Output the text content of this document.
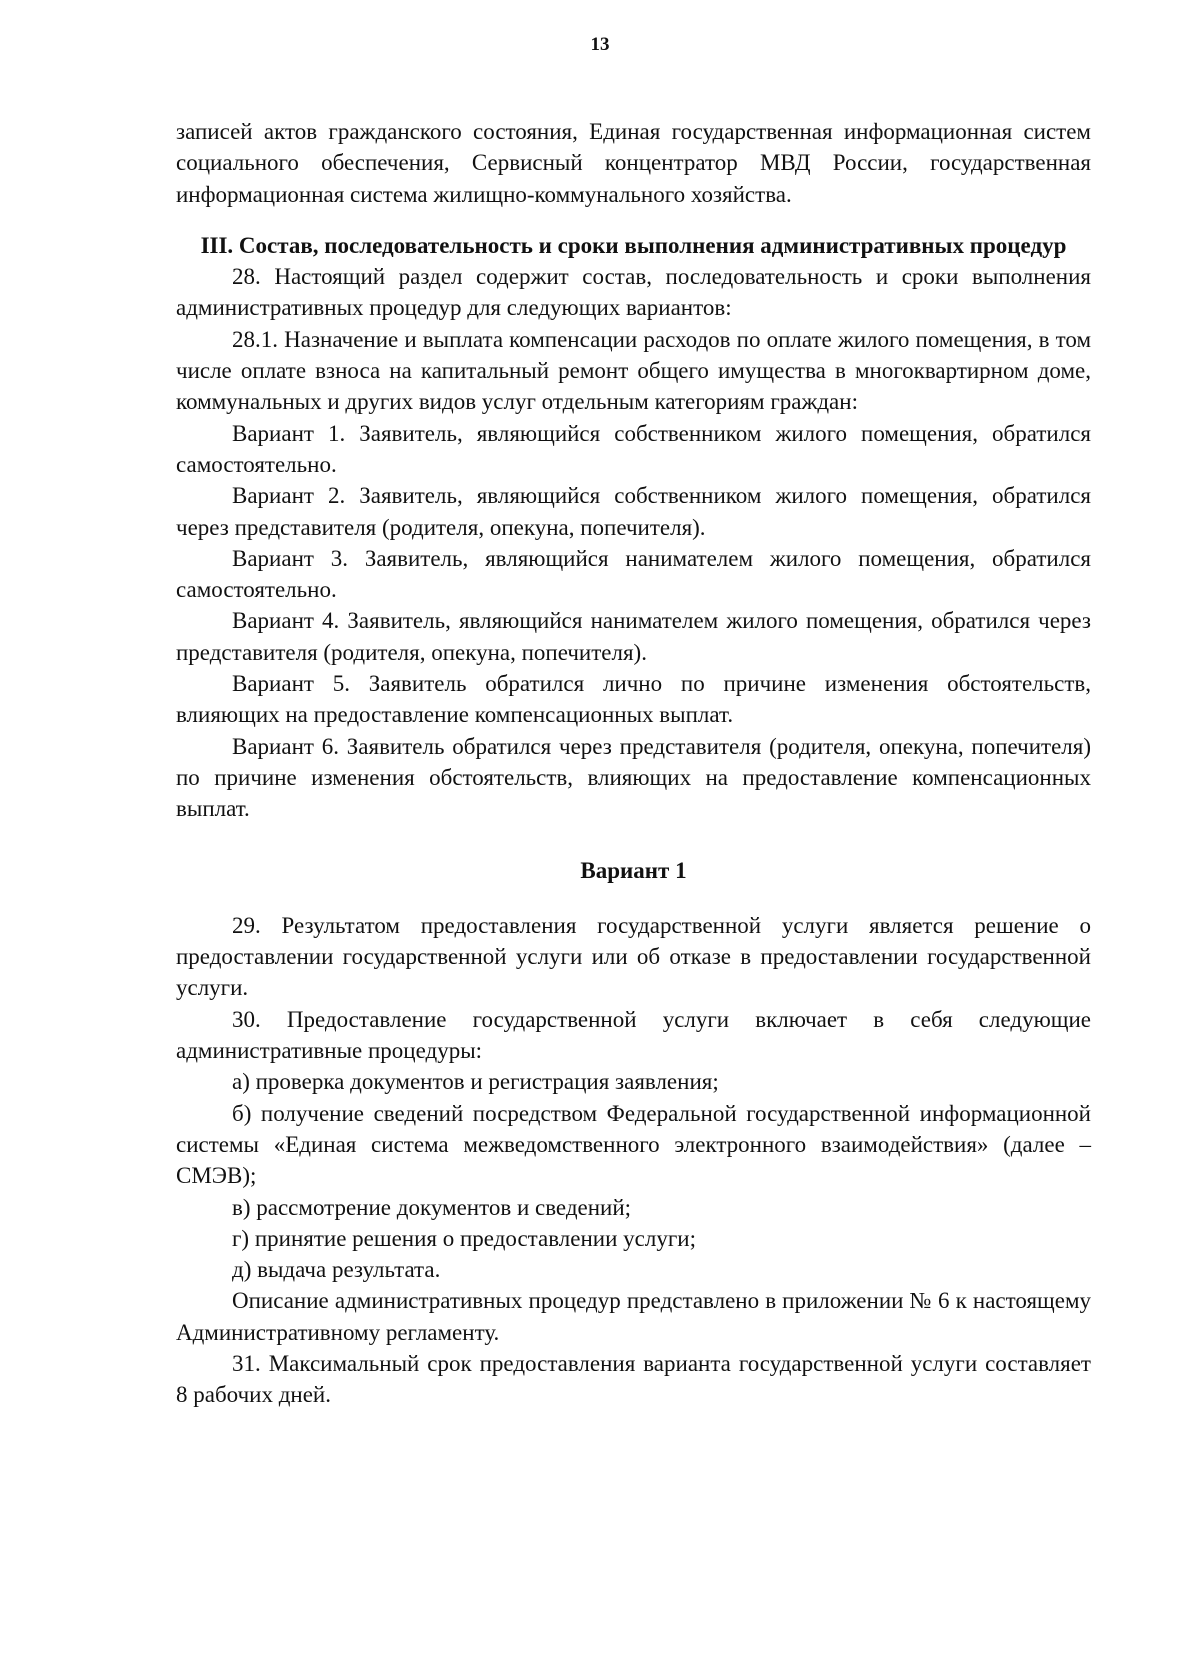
13

записей актов гражданского состояния, Единая государственная информационная систем социального обеспечения, Сервисный концентратор МВД России, государственная информационная система жилищно-коммунального хозяйства.

III. Состав, последовательность и сроки выполнения административных процедур

28. Настоящий раздел содержит состав, последовательность и сроки выполнения административных процедур для следующих вариантов:

28.1. Назначение и выплата компенсации расходов по оплате жилого помещения, в том числе оплате взноса на капитальный ремонт общего имущества в многоквартирном доме, коммунальных и других видов услуг отдельным категориям граждан:

Вариант 1. Заявитель, являющийся собственником жилого помещения, обратился самостоятельно.

Вариант 2. Заявитель, являющийся собственником жилого помещения, обратился через представителя (родителя, опекуна, попечителя).

Вариант 3. Заявитель, являющийся нанимателем жилого помещения, обратился самостоятельно.

Вариант 4. Заявитель, являющийся нанимателем жилого помещения, обратился через представителя (родителя, опекуна, попечителя).

Вариант 5. Заявитель обратился лично по причине изменения обстоятельств, влияющих на предоставление компенсационных выплат.

Вариант 6. Заявитель обратился через представителя (родителя, опекуна, попечителя) по причине изменения обстоятельств, влияющих на предоставление компенсационных выплат.

Вариант 1

29. Результатом предоставления государственной услуги является решение о предоставлении государственной услуги или об отказе в предоставлении государственной услуги.

30. Предоставление государственной услуги включает в себя следующие административные процедуры:

а) проверка документов и регистрация заявления;

б) получение сведений посредством Федеральной государственной информационной системы «Единая система межведомственного электронного взаимодействия» (далее – СМЭВ);

в) рассмотрение документов и сведений;

г) принятие решения о предоставлении услуги;

д) выдача результата.

Описание административных процедур представлено в приложении № 6 к настоящему Административному регламенту.

31. Максимальный срок предоставления варианта государственной услуги составляет 8 рабочих дней.
